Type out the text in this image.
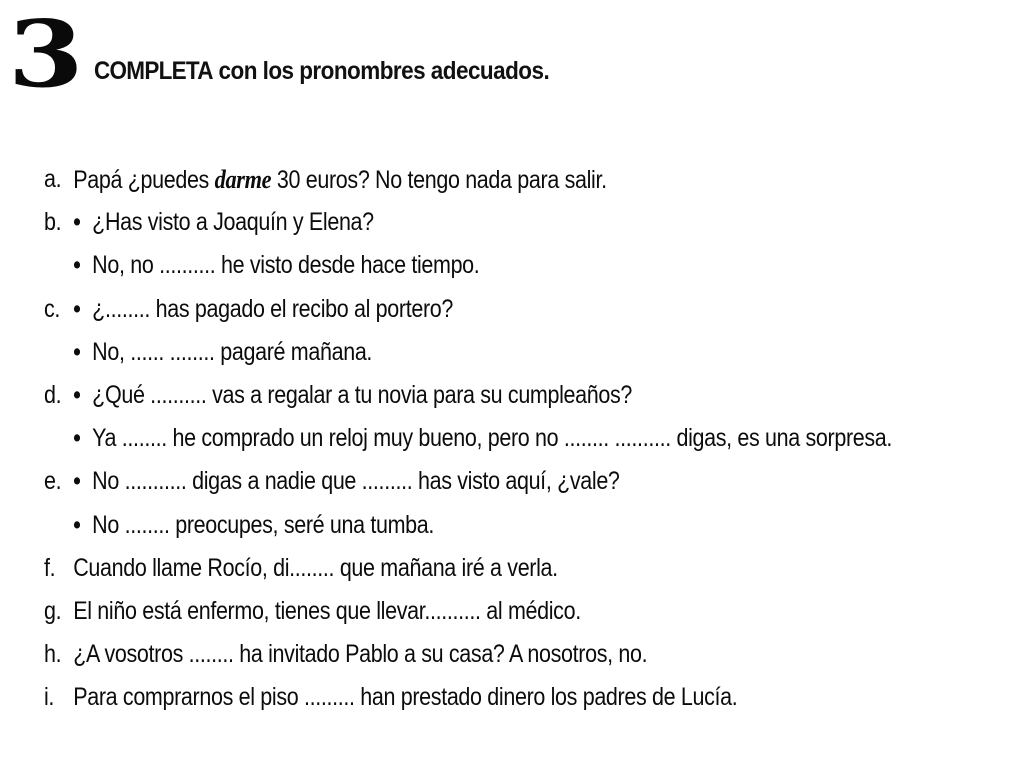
3 COMPLETA con los pronombres adecuados.
a. Papá ¿puedes darme 30 euros? No tengo nada para salir.
b. • ¿Has visto a Joaquín y Elena?
• No, no .......... he visto desde hace tiempo.
c. • ¿........ has pagado el recibo al portero?
• No, ...... ........ pagaré mañana.
d. • ¿Qué .......... vas a regalar a tu novia para su cumpleaños?
• Ya ........ he comprado un reloj muy bueno, pero no ........ .......... digas, es una sorpresa.
e. • No ........... digas a nadie que ......... has visto aquí, ¿vale?
• No ........ preocupes, seré una tumba.
f. Cuando llame Rocío, di........ que mañana iré a verla.
g. El niño está enfermo, tienes que llevar.......... al médico.
h. ¿A vosotros ........ ha invitado Pablo a su casa? A nosotros, no.
i. Para comprarnos el piso ......... han prestado dinero los padres de Lucía.
